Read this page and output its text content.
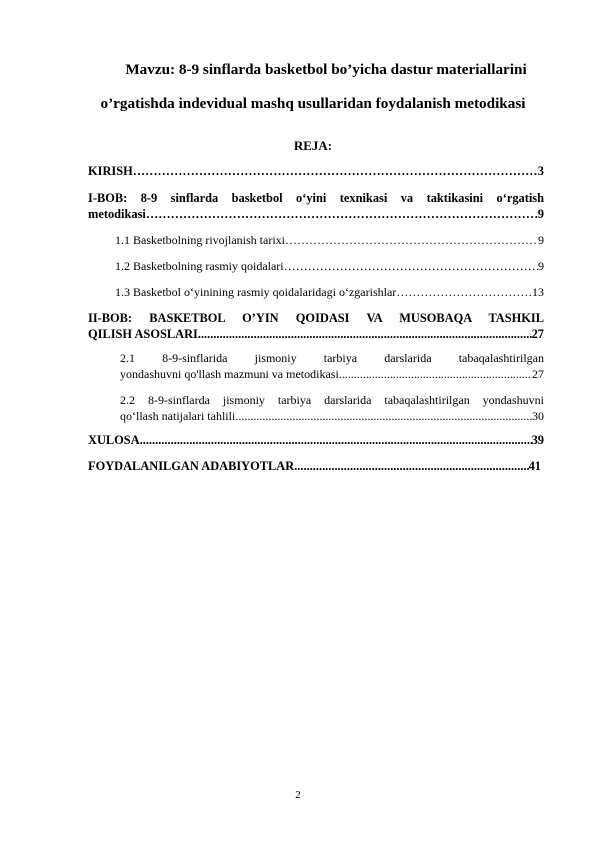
Mavzu: 8-9 sinflarda basketbol bo’yicha dastur materiallarini
o’rgatishda indevidual mashq usullaridan foydalanish metodikasi
REJA:
KIRISH ………………………………………………………………………………………………………………………………………………	3
I-BOB: 8-9 sinflarda basketbol o‘yini texnikasi va taktikasini o‘rgatish
metodikasi ………………………………………………………………………………………………………………………………………………	.9
1.1 Basketbolning rivojlanish tarixi ………………………………………………………………………………………………………………………………………………	9
1.2 Basketbolning rasmiy qoidalari ………………………………………………………………………………………………………………………………………………	9
1.3 Basketbol o‘yinining rasmiy qoidalaridagi o‘zgarishlar ………………………………………………………………………………………………………………………………………………	13
II-BOB: BASKETBOL O’YIN QOIDASI VA MUSOBAQA TASHKIL
QILISH ASOSLARI .....	27
2.1 8-9-sinflarida jismoniy tarbiya darslarida tabaqalashtirilgan
yondashuvni qo'llash mazmuni va metodikasi .....	27
2.2 8-9-sinflarda jismoniy tarbiya darslarida tabaqalashtirilgan yondashuvni
qo‘llash natijalari tahlili .....	30
XULOSA .....	39
FOYDALANILGAN ADABIYOTLAR .....	41
2
